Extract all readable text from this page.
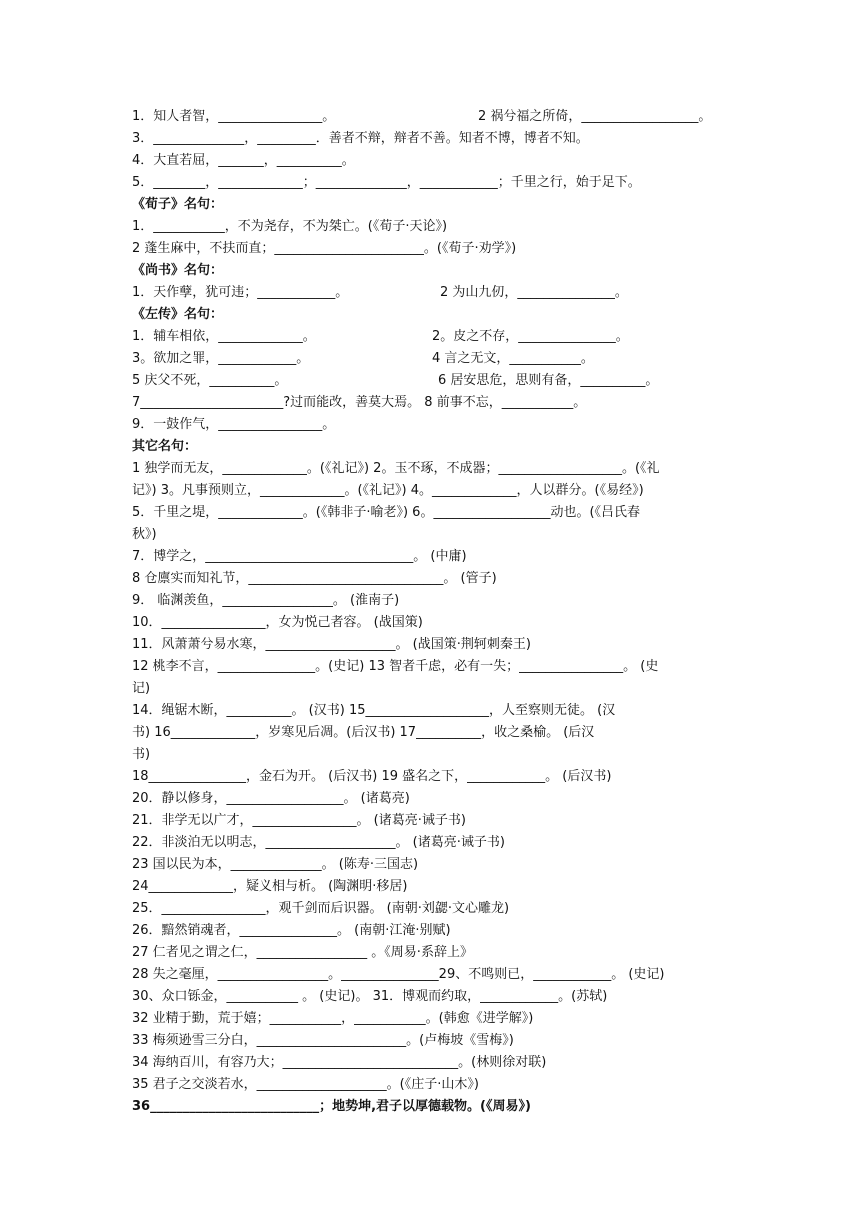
1．知人者智，________________。	2 祸兮福之所倚，__________________。
3．______________，_________．善者不辩，辩者不善。知者不博，博者不知。
4．大直若屈，_______，__________。
5．________，_____________；______________，____________；千里之行，始于足下。
《荀子》名句：
1．___________，不为尧存，不为桀亡。(《荀子·天论》)
2 蓬生麻中，不扶而直；_______________________。(《荀子·劝学》)
《尚书》名句：
1．天作孽，犹可违；____________。	2 为山九仞，_______________。
《左传》名句：
1．辅车相依，_____________。	2。皮之不存，_______________。
3。欲加之罪，____________。	4 言之无文，___________。
5 庆父不死，__________。	6 居安思危，思则有备，__________。
7______________________?过而能改，善莫大焉。 8 前事不忘，___________。
9．一鼓作气，________________。
其它名句：
1 独学而无友，_____________。(《礼记》) 2。玉不琢，不成器；___________________。(《礼
记》) 3。凡事预则立，_____________。(《礼记》) 4。_____________，人以群分。(《易经》)
5．千里之堤，_____________。(《韩非子·喻老》) 6。__________________动也。(《吕氏春
秋》)
7．博学之，________________________________。 (中庸)
8 仓廪实而知礼节，______________________________。 (管子)
9． 临渊羡鱼，_________________。 (淮南子)
10．________________，女为悦己者容。 (战国策)
11．风萧萧兮易水寒，____________________。 (战国策·荆轲刺秦王)
12 桃李不言，_______________。(史记) 13 智者千虑，必有一失；________________。 (史
记)
14．绳锯木断，__________。 (汉书) 15___________________，人至察则无徒。 (汉
书) 16_____________，岁寒见后凋。(后汉书) 17__________，收之桑榆。 (后汉
书)
18_______________，金石为开。 (后汉书) 19 盛名之下，____________。 (后汉书)
20．静以修身，__________________。 (诸葛亮)
21．非学无以广才，________________。 (诸葛亮·诫子书)
22．非淡泊无以明志，____________________。 (诸葛亮·诫子书)
23 国以民为本，______________。 (陈寿·三国志)
24_____________，疑义相与析。 (陶渊明·移居)
25．________________，观千剑而后识器。 (南朝·刘勰·文心雕龙)
26．黯然销魂者，_______________。 (南朝·江淹·别赋)
27 仁者见之谓之仁，_________________ 。《周易·系辞上》
28 失之毫厘，_________________。_______________29、不鸣则已，____________。 (史记)
30、众口铄金，___________ 。 (史记)。 31．博观而约取，____________。(苏轼)
32 业精于勤，荒于嬉；___________，___________。(韩愈《进学解》)
33 梅须逊雪三分白，_______________________。(卢梅坡《雪梅》)
34 海纳百川，有容乃大；___________________________。(林则徐对联)
35 君子之交淡若水，____________________。(《庄子·山木》)
36__________________________；地势坤,君子以厚德载物。(《周易》)
